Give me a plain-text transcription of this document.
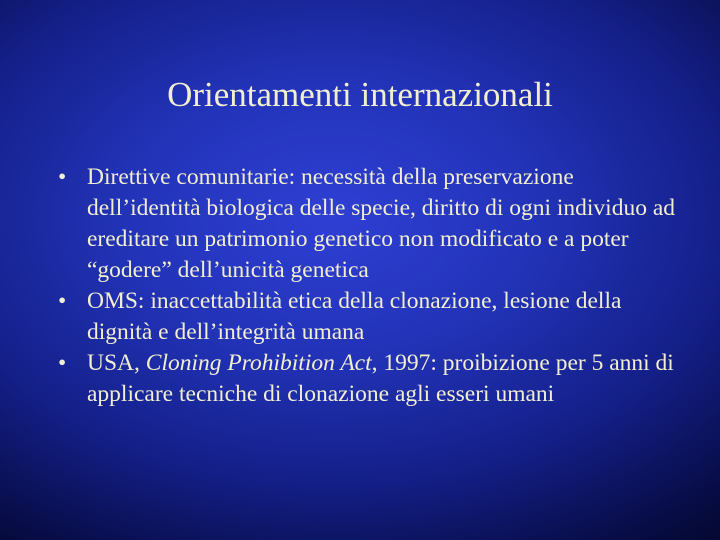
Orientamenti internazionali
• Direttive comunitarie: necessità della preservazione dell’identità biologica delle specie, diritto di ogni individuo ad ereditare un patrimonio genetico non modificato e a poter “godere” dell’unicità genetica
• OMS: inaccettabilità etica della clonazione, lesione della dignità e dell’integrità umana
• USA, Cloning Prohibition Act, 1997: proibizione per 5 anni di applicare tecniche di clonazione agli esseri umani
